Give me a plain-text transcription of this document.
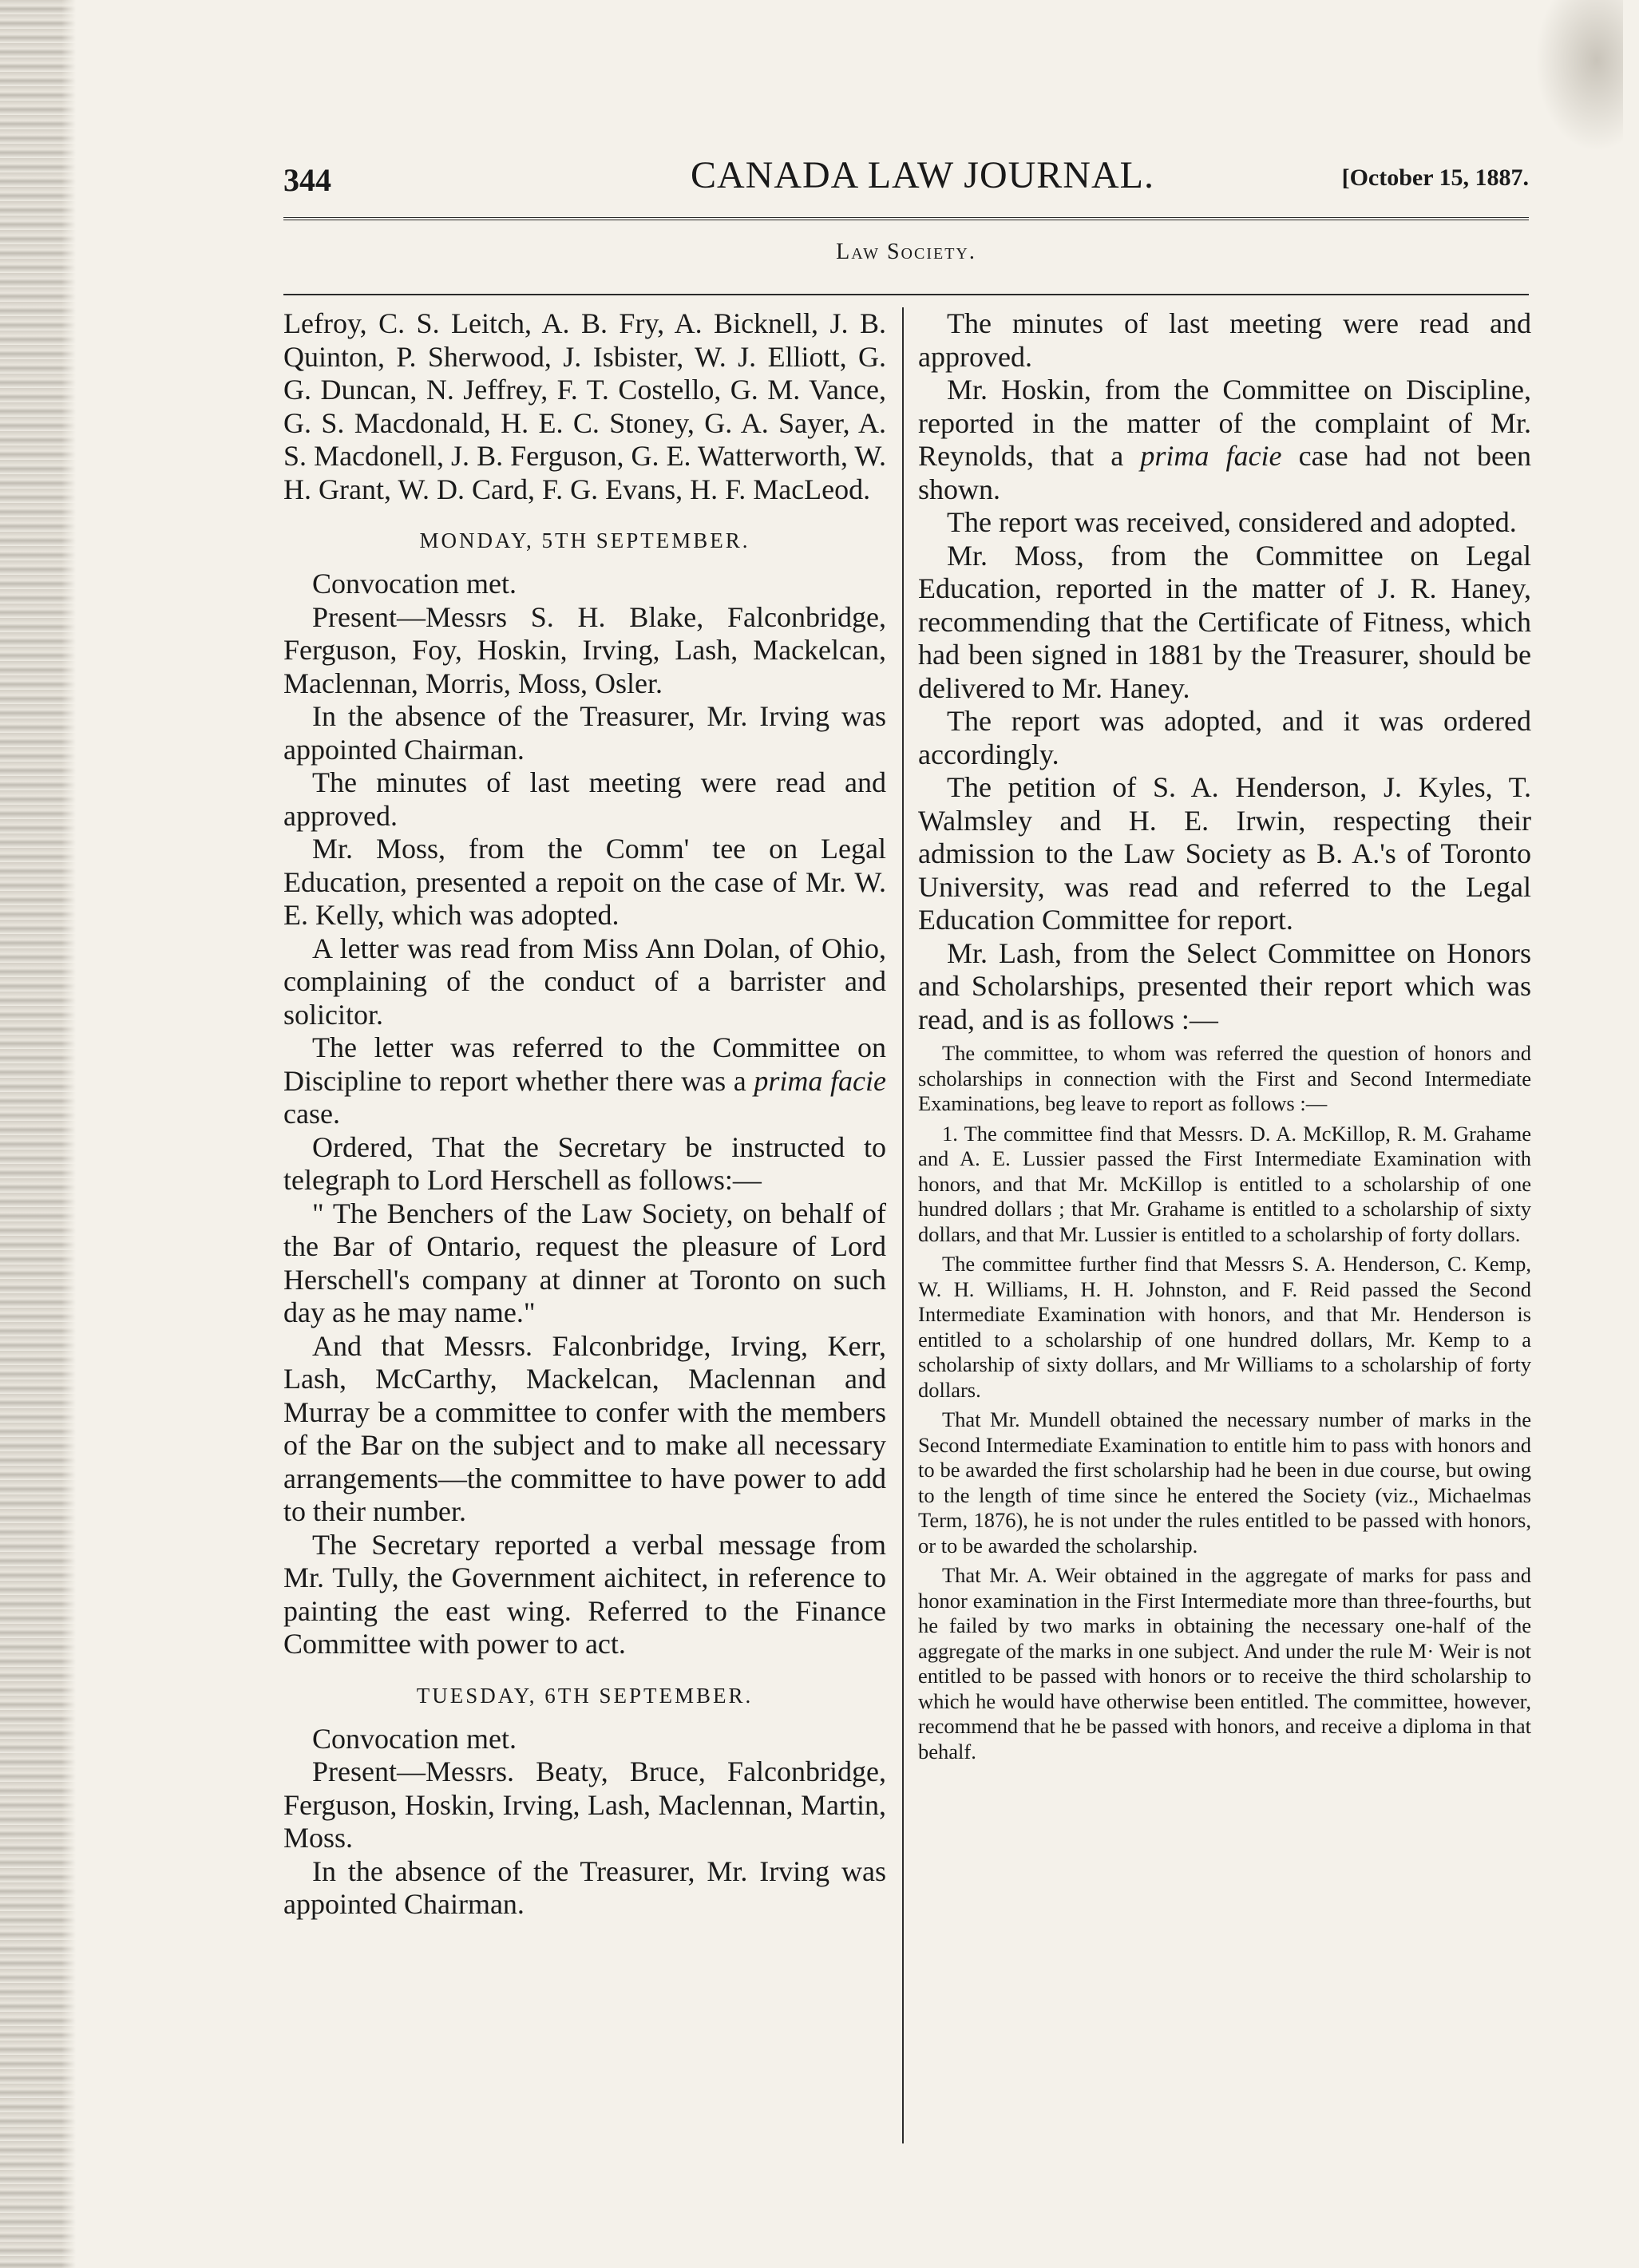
344	CANADA LAW JOURNAL.	[October 15, 1887.
Law Society.

Lefroy, C. S. Leitch, A. B. Fry, A. Bicknell, J. B. Quinton, P. Sherwood, J. Isbister, W. J. Elliott, G. G. Duncan, N. Jeffrey, F. T. Costello, G. M. Vance, G. S. Macdonald, H. E. C. Stoney, G. A. Sayer, A. S. Macdonell, J. B. Ferguson, G. E. Watterworth, W. H. Grant, W. D. Card, F. G. Evans, H. F. MacLeod.

MONDAY, 5TH SEPTEMBER.

Convocation met.

Present—Messrs S. H. Blake, Falconbridge, Ferguson, Foy, Hoskin, Irving, Lash, Mackelcan, Maclennan, Morris, Moss, Osler.

In the absence of the Treasurer, Mr. Irving was appointed Chairman.

The minutes of last meeting were read and approved.

Mr. Moss, from the Comm' tee on Legal Education, presented a repoit on the case of Mr. W. E. Kelly, which was adopted.

A letter was read from Miss Ann Dolan, of Ohio, complaining of the conduct of a barrister and solicitor.

The letter was referred to the Committee on Discipline to report whether there was a prima facie case.

Ordered, That the Secretary be instructed to telegraph to Lord Herschell as follows:—

" The Benchers of the Law Society, on behalf of the Bar of Ontario, request the pleasure of Lord Herschell's company at dinner at Toronto on such day as he may name."

And that Messrs. Falconbridge, Irving, Kerr, Lash, McCarthy, Mackelcan, Maclennan and Murray be a committee to confer with the members of the Bar on the subject and to make all necessary arrangements—the committee to have power to add to their number.

The Secretary reported a verbal message from Mr. Tully, the Government aichitect, in reference to painting the east wing. Referred to the Finance Committee with power to act.

TUESDAY, 6TH SEPTEMBER.

Convocation met.

Present—Messrs. Beaty, Bruce, Falconbridge, Ferguson, Hoskin, Irving, Lash, Maclennan, Martin, Moss.

In the absence of the Treasurer, Mr. Irving was appointed Chairman.

The minutes of last meeting were read and approved.

Mr. Hoskin, from the Committee on Discipline, reported in the matter of the complaint of Mr. Reynolds, that a prima facie case had not been shown.

The report was received, considered and adopted.

Mr. Moss, from the Committee on Legal Education, reported in the matter of J. R. Haney, recommending that the Certificate of Fitness, which had been signed in 1881 by the Treasurer, should be delivered to Mr. Haney.

The report was adopted, and it was ordered accordingly.

The petition of S. A. Henderson, J. Kyles, T. Walmsley and H. E. Irwin, respecting their admission to the Law Society as B. A.'s of Toronto University, was read and referred to the Legal Education Committee for report.

Mr. Lash, from the Select Committee on Honors and Scholarships, presented their report which was read, and is as follows :—

The committee, to whom was referred the question of honors and scholarships in connection with the First and Second Intermediate Examinations, beg leave to report as follows :—

1. The committee find that Messrs. D. A. McKillop, R. M. Grahame and A. E. Lussier passed the First Intermediate Examination with honors, and that Mr. McKillop is entitled to a scholarship of one hundred dollars ; that Mr. Grahame is entitled to a scholarship of sixty dollars, and that Mr. Lussier is entitled to a scholarship of forty dollars.

The committee further find that Messrs S. A. Henderson, C. Kemp, W. H. Williams, H. H. Johnston, and F. Reid passed the Second Intermediate Examination with honors, and that Mr. Henderson is entitled to a scholarship of one hundred dollars, Mr. Kemp to a scholarship of sixty dollars, and Mr Williams to a scholarship of forty dollars.

That Mr. Mundell obtained the necessary number of marks in the Second Intermediate Examination to entitle him to pass with honors and to be awarded the first scholarship had he been in due course, but owing to the length of time since he entered the Society (viz., Michaelmas Term, 1876), he is not under the rules entitled to be passed with honors, or to be awarded the scholarship.

That Mr. A. Weir obtained in the aggregate of marks for pass and honor examination in the First Intermediate more than three-fourths, but he failed by two marks in obtaining the necessary one-half of the aggregate of the marks in one subject. And under the rule M· Weir is not entitled to be passed with honors or to receive the third scholarship to which he would have otherwise been entitled. The committee, however, recommend that he be passed with honors, and receive a diploma in that behalf.
